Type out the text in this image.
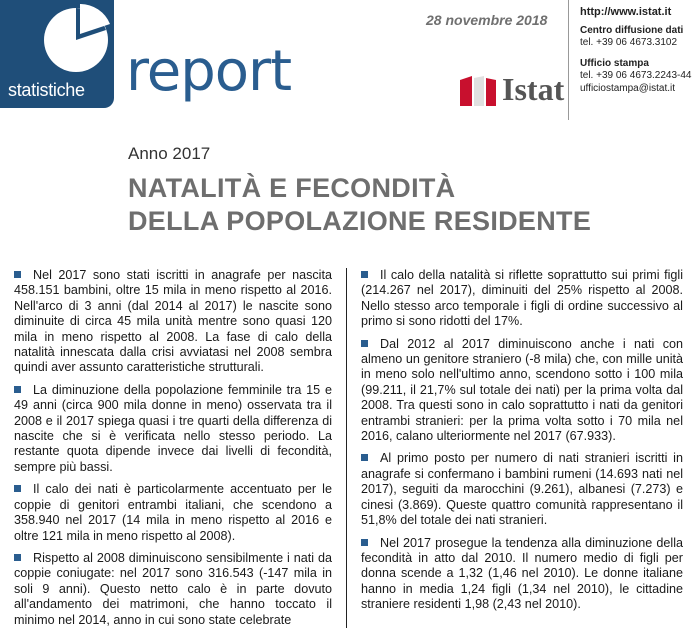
statistiche report
28 novembre 2018
Istat
http://www.istat.it
Centro diffusione dati
tel. +39 06 4673.3102
Ufficio stampa
tel. +39 06 4673.2243-44
ufficiostampa@istat.it
Anno 2017
NATALITÀ E FECONDITÀ
DELLA POPOLAZIONE RESIDENTE

Nel 2017 sono stati iscritti in anagrafe per nascita 458.151 bambini, oltre 15 mila in meno rispetto al 2016. Nell'arco di 3 anni (dal 2014 al 2017) le nascite sono diminuite di circa 45 mila unità mentre sono quasi 120 mila in meno rispetto al 2008. La fase di calo della natalità innescata dalla crisi avviatasi nel 2008 sembra quindi aver assunto caratteristiche strutturali.

La diminuzione della popolazione femminile tra 15 e 49 anni (circa 900 mila donne in meno) osservata tra il 2008 e il 2017 spiega quasi i tre quarti della differenza di nascite che si è verificata nello stesso periodo. La restante quota dipende invece dai livelli di fecondità, sempre più bassi.

Il calo dei nati è particolarmente accentuato per le coppie di genitori entrambi italiani, che scendono a 358.940 nel 2017 (14 mila in meno rispetto al 2016 e oltre 121 mila in meno rispetto al 2008).

Rispetto al 2008 diminuiscono sensibilmente i nati da coppie coniugate: nel 2017 sono 316.543 (-147 mila in soli 9 anni). Questo netto calo è in parte dovuto all'andamento dei matrimoni, che hanno toccato il minimo nel 2014, anno in cui sono state celebrate

Il calo della natalità si riflette soprattutto sui primi figli (214.267 nel 2017), diminuiti del 25% rispetto al 2008. Nello stesso arco temporale i figli di ordine successivo al primo si sono ridotti del 17%.

Dal 2012 al 2017 diminuiscono anche i nati con almeno un genitore straniero (-8 mila) che, con mille unità in meno solo nell'ultimo anno, scendono sotto i 100 mila (99.211, il 21,7% sul totale dei nati) per la prima volta dal 2008. Tra questi sono in calo soprattutto i nati da genitori entrambi stranieri: per la prima volta sotto i 70 mila nel 2016, calano ulteriormente nel 2017 (67.933).

Al primo posto per numero di nati stranieri iscritti in anagrafe si confermano i bambini rumeni (14.693 nati nel 2017), seguiti da marocchini (9.261), albanesi (7.273) e cinesi (3.869). Queste quattro comunità rappresentano il 51,8% del totale dei nati stranieri.

Nel 2017 prosegue la tendenza alla diminuzione della fecondità in atto dal 2010. Il numero medio di figli per donna scende a 1,32 (1,46 nel 2010). Le donne italiane hanno in media 1,24 figli (1,34 nel 2010), le cittadine straniere residenti 1,98 (2,43 nel 2010).
